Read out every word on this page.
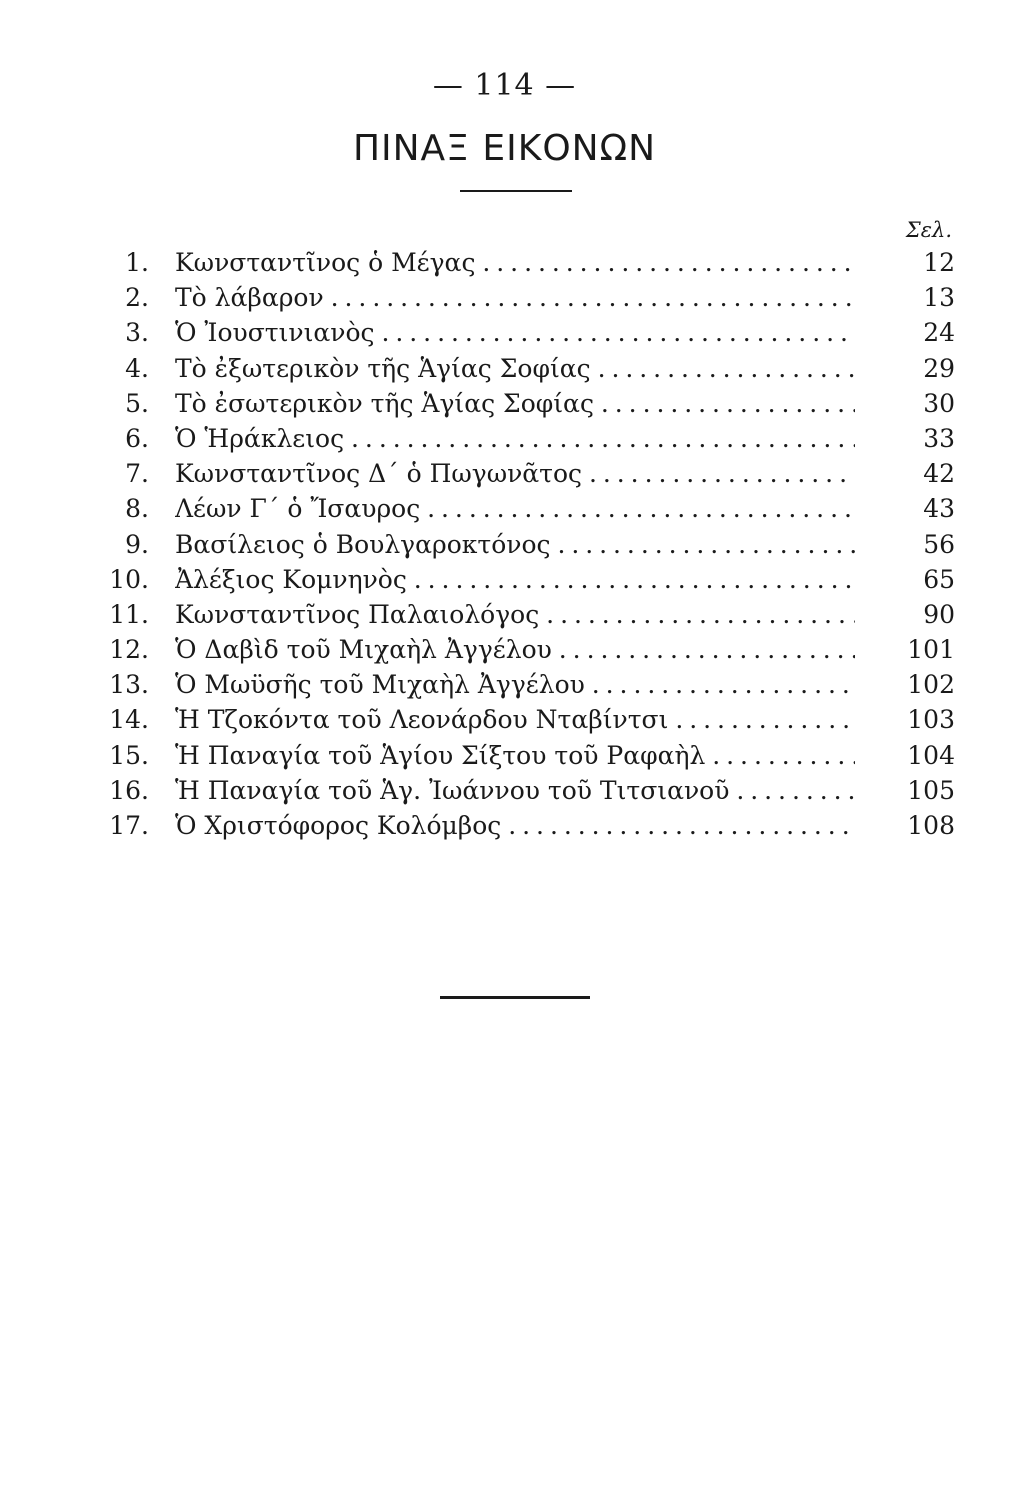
— 114 —
ΠΙΝΑΞ ΕΙΚΟΝΩΝ
Σελ.
1. Κωνσταντῖνος ὁ Μέγας . . .	12
2. Τὸ λάβαρον . . .	13
3. Ὁ Ἰουστινιανὸς . . .	24
4. Τὸ ἐξωτερικὸν τῆς Ἁγίας Σοφίας . . .	29
5. Τὸ ἐσωτερικὸν τῆς Ἁγίας Σοφίας . . .	30
6. Ὁ Ἡράκλειος . . .	33
7. Κωνσταντῖνος Δ΄ ὁ Πωγωνᾶτος . . .	42
8. Λέων Γ΄ ὁ Ἴσαυρος . . .	43
9. Βασίλειος ὁ Βουλγαροκτόνος . . .	56
10. Ἀλέξιος Κομνηνὸς . . .	65
11. Κωνσταντῖνος Παλαιολόγος . . .	90
12. Ὁ Δαβὶδ τοῦ Μιχαὴλ Ἀγγέλου . . .	101
13. Ὁ Μωϋσῆς τοῦ Μιχαὴλ Ἀγγέλου . . .	102
14. Ἡ Τζοκόντα τοῦ Λεονάρδου Νταβίντσι . . .	103
15. Ἡ Παναγία τοῦ Ἁγίου Σίξτου τοῦ Ραφαὴλ . . .	104
16. Ἡ Παναγία τοῦ Ἁγ. Ἰωάννου τοῦ Τιτσιανοῦ . . .	105
17. Ὁ Χριστόφορος Κολόμβος . . .	108
